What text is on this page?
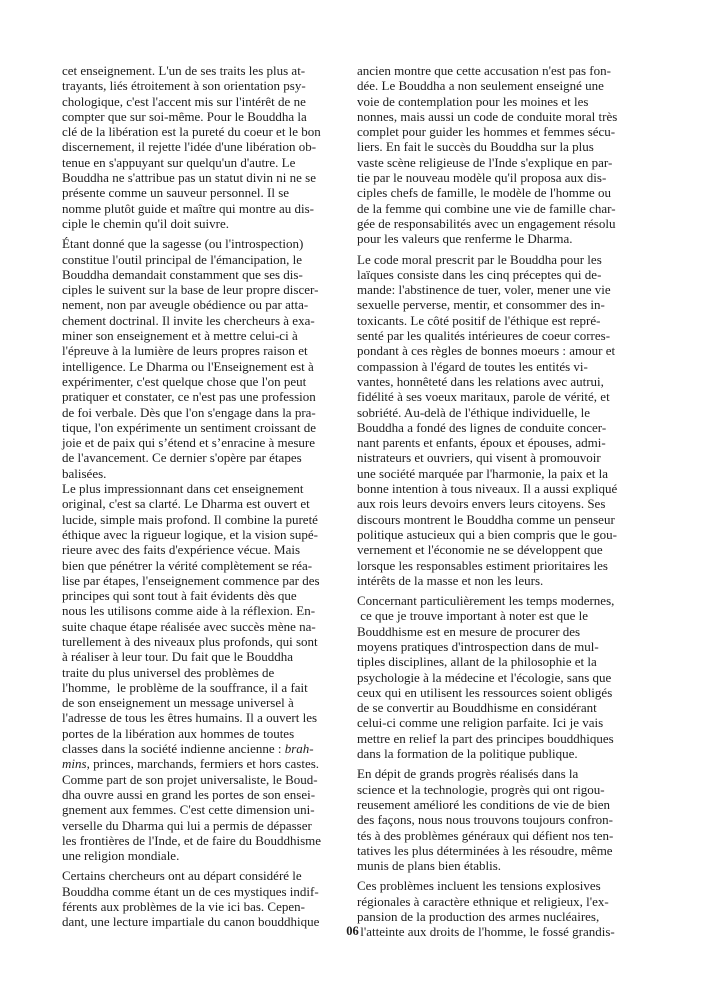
cet enseignement. L'un de ses traits les plus at-
trayants, liés étroitement à son orientation psy-
chologique, c'est l'accent mis sur l'intérêt de ne
compter que sur soi-même. Pour le Bouddha la
clé de la libération est la pureté du coeur et le bon
discernement, il rejette l'idée d'une libération ob-
tenue en s'appuyant sur quelqu'un d'autre. Le
Bouddha ne s'attribue pas un statut divin ni ne se
présente comme un sauveur personnel. Il se
nomme plutôt guide et maître qui montre au dis-
ciple le chemin qu'il doit suivre.
Étant donné que la sagesse (ou l'introspection)
constitue l'outil principal de l'émancipation, le
Bouddha demandait constamment que ses dis-
ciples le suivent sur la base de leur propre discer-
nement, non par aveugle obédience ou par atta-
chement doctrinal. Il invite les chercheurs à exa-
miner son enseignement et à mettre celui-ci à
l'épreuve à la lumière de leurs propres raison et
intelligence. Le Dharma ou l'Enseignement est à
expérimenter, c'est quelque chose que l'on peut
pratiquer et constater, ce n'est pas une profession
de foi verbale. Dès que l'on s'engage dans la pra-
tique, l'on expérimente un sentiment croissant de
joie et de paix qui s’étend et s’enracine à mesure
de l'avancement. Ce dernier s'opère par étapes
balisées.
Le plus impressionnant dans cet enseignement
original, c'est sa clarté. Le Dharma est ouvert et
lucide, simple mais profond. Il combine la pureté
éthique avec la rigueur logique, et la vision supé-
rieure avec des faits d'expérience vécue. Mais
bien que pénétrer la vérité complètement se réa-
lise par étapes, l'enseignement commence par des
principes qui sont tout à fait évidents dès que
nous les utilisons comme aide à la réflexion. En-
suite chaque étape réalisée avec succès mène na-
turellement à des niveaux plus profonds, qui sont
à réaliser à leur tour. Du fait que le Bouddha
traite du plus universel des problèmes de
l'homme,  le problème de la souffrance, il a fait
de son enseignement un message universel à
l'adresse de tous les êtres humains. Il a ouvert les
portes de la libération aux hommes de toutes
classes dans la société indienne ancienne : brah-
mins, princes, marchands, fermiers et hors castes.
Comme part de son projet universaliste, le Boud-
dha ouvre aussi en grand les portes de son ensei-
gnement aux femmes. C'est cette dimension uni-
verselle du Dharma qui lui a permis de dépasser
les frontières de l'Inde, et de faire du Bouddhisme
une religion mondiale.
Certains chercheurs ont au départ considéré le
Bouddha comme étant un de ces mystiques indif-
férents aux problèmes de la vie ici bas. Cepen-
dant, une lecture impartiale du canon bouddhique
ancien montre que cette accusation n'est pas fon-
dée. Le Bouddha a non seulement enseigné une
voie de contemplation pour les moines et les
nonnes, mais aussi un code de conduite moral très
complet pour guider les hommes et femmes sécu-
liers. En fait le succès du Bouddha sur la plus
vaste scène religieuse de l'Inde s'explique en par-
tie par le nouveau modèle qu'il proposa aux dis-
ciples chefs de famille, le modèle de l'homme ou
de la femme qui combine une vie de famille char-
gée de responsabilités avec un engagement résolu
pour les valeurs que renferme le Dharma.
Le code moral prescrit par le Bouddha pour les
laïques consiste dans les cinq préceptes qui de-
mande: l'abstinence de tuer, voler, mener une vie
sexuelle perverse, mentir, et consommer des in-
toxicants. Le côté positif de l'éthique est repré-
senté par les qualités intérieures de coeur corres-
pondant à ces règles de bonnes moeurs : amour et
compassion à l'égard de toutes les entités vi-
vantes, honnêteté dans les relations avec autrui,
fidélité à ses voeux maritaux, parole de vérité, et
sobriété. Au-delà de l'éthique individuelle, le
Bouddha a fondé des lignes de conduite concer-
nant parents et enfants, époux et épouses, admi-
nistrateurs et ouvriers, qui visent à promouvoir
une société marquée par l'harmonie, la paix et la
bonne intention à tous niveaux. Il a aussi expliqué
aux rois leurs devoirs envers leurs citoyens. Ses
discours montrent le Bouddha comme un penseur
politique astucieux qui a bien compris que le gou-
vernement et l'économie ne se développent que
lorsque les responsables estiment prioritaires les
intérêts de la masse et non les leurs.
Concernant particulièrement les temps modernes,
ce que je trouve important à noter est que le
Bouddhisme est en mesure de procurer des
moyens pratiques d'introspection dans de mul-
tiples disciplines, allant de la philosophie et la
psychologie à la médecine et l'écologie, sans que
ceux qui en utilisent les ressources soient obligés
de se convertir au Bouddhisme en considérant
celui-ci comme une religion parfaite. Ici je vais
mettre en relief la part des principes bouddhiques
dans la formation de la politique publique.
En dépit de grands progrès réalisés dans la
science et la technologie, progrès qui ont rigou-
reusement amélioré les conditions de vie de bien
des façons, nous nous trouvons toujours confron-
tés à des problèmes généraux qui défient nos ten-
tatives les plus déterminées à les résoudre, même
munis de plans bien établis.
Ces problèmes incluent les tensions explosives
régionales à caractère ethnique et religieux, l'ex-
pansion de la production des armes nucléaires,
l'atteinte aux droits de l'homme, le fossé grandis-
06
